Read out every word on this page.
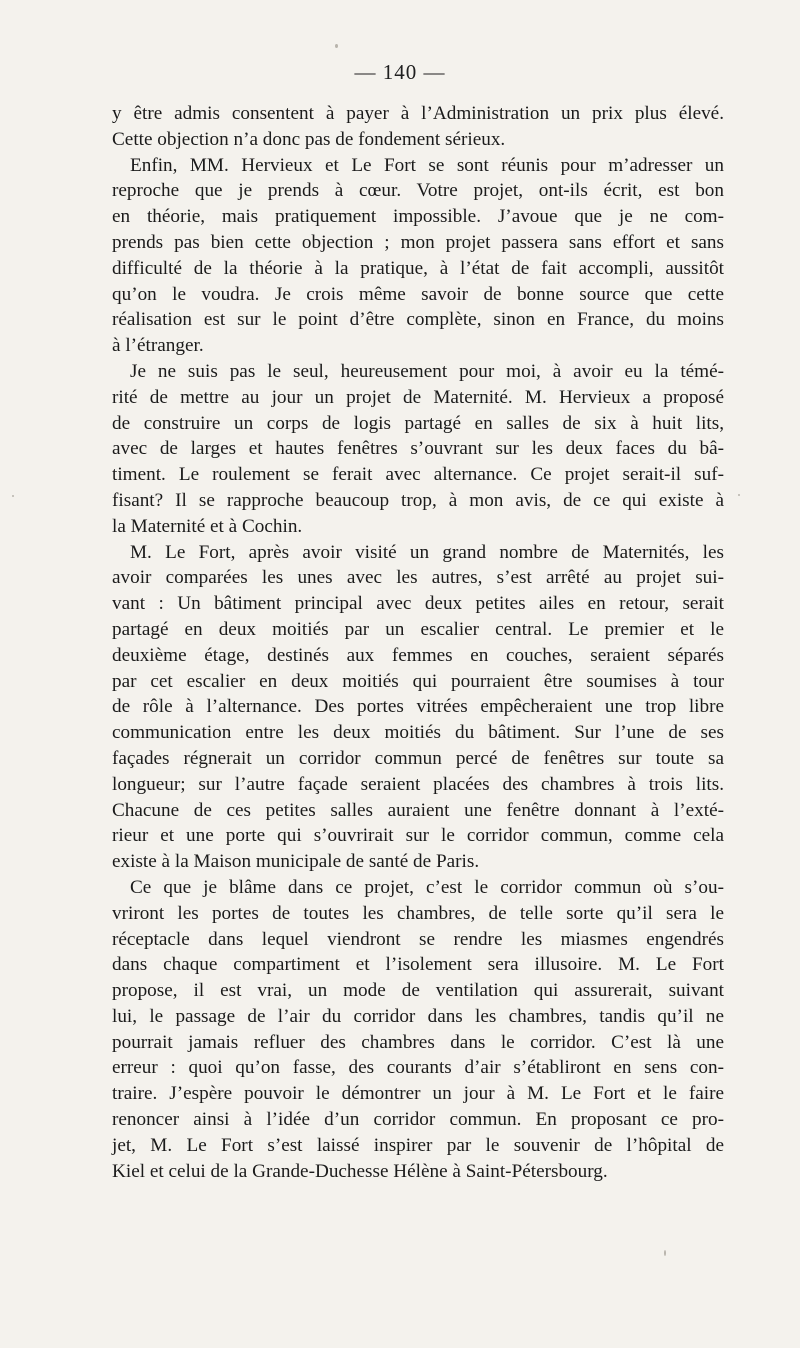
— 140 —
y être admis consentent à payer à l’Administration un prix plus élevé.
Cette objection n’a donc pas de fondement sérieux.
Enfin, MM. Hervieux et Le Fort se sont réunis pour m’adresser un
reproche que je prends à cœur. Votre projet, ont-ils écrit, est bon
en théorie, mais pratiquement impossible. J’avoue que je ne com-
prends pas bien cette objection ; mon projet passera sans effort et sans
difficulté de la théorie à la pratique, à l’état de fait accompli, aussitôt
qu’on le voudra. Je crois même savoir de bonne source que cette
réalisation est sur le point d’être complète, sinon en France, du moins
à l’étranger.
Je ne suis pas le seul, heureusement pour moi, à avoir eu la témé-
rité de mettre au jour un projet de Maternité. M. Hervieux a proposé
de construire un corps de logis partagé en salles de six à huit lits,
avec de larges et hautes fenêtres s’ouvrant sur les deux faces du bâ-
timent. Le roulement se ferait avec alternance. Ce projet serait-il suf-
fisant? Il se rapproche beaucoup trop, à mon avis, de ce qui existe à
la Maternité et à Cochin.
M. Le Fort, après avoir visité un grand nombre de Maternités, les
avoir comparées les unes avec les autres, s’est arrêté au projet sui-
vant : Un bâtiment principal avec deux petites ailes en retour, serait
partagé en deux moitiés par un escalier central. Le premier et le
deuxième étage, destinés aux femmes en couches, seraient séparés
par cet escalier en deux moitiés qui pourraient être soumises à tour
de rôle à l’alternance. Des portes vitrées empêcheraient une trop libre
communication entre les deux moitiés du bâtiment. Sur l’une de ses
façades régnerait un corridor commun percé de fenêtres sur toute sa
longueur; sur l’autre façade seraient placées des chambres à trois lits.
Chacune de ces petites salles auraient une fenêtre donnant à l’exté-
rieur et une porte qui s’ouvrirait sur le corridor commun, comme cela
existe à la Maison municipale de santé de Paris.
Ce que je blâme dans ce projet, c’est le corridor commun où s’ou-
vriront les portes de toutes les chambres, de telle sorte qu’il sera le
réceptacle dans lequel viendront se rendre les miasmes engendrés
dans chaque compartiment et l’isolement sera illusoire. M. Le Fort
propose, il est vrai, un mode de ventilation qui assurerait, suivant
lui, le passage de l’air du corridor dans les chambres, tandis qu’il ne
pourrait jamais refluer des chambres dans le corridor. C’est là une
erreur : quoi qu’on fasse, des courants d’air s’établiront en sens con-
traire. J’espère pouvoir le démontrer un jour à M. Le Fort et le faire
renoncer ainsi à l’idée d’un corridor commun. En proposant ce pro-
jet, M. Le Fort s’est laissé inspirer par le souvenir de l’hôpital de
Kiel et celui de la Grande-Duchesse Hélène à Saint-Pétersbourg.
